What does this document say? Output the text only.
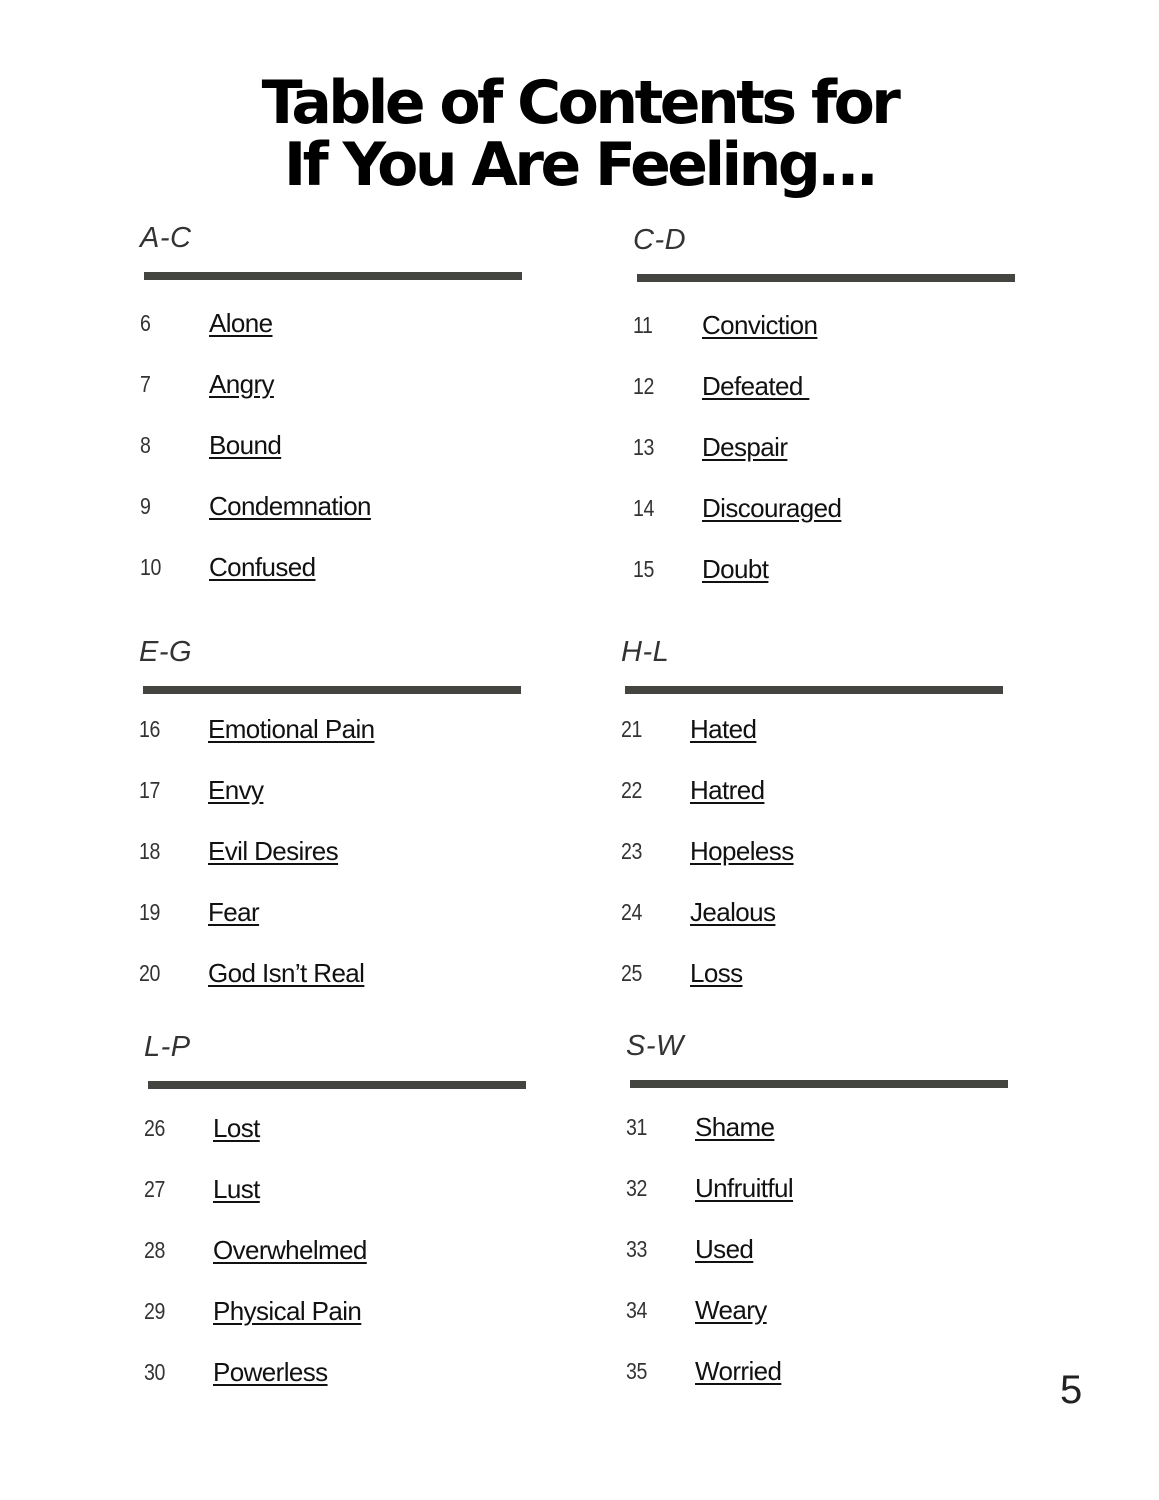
Table of Contents for
If You Are Feeling...
A-C
6 Alone
7 Angry
8 Bound
9 Condemnation
10 Confused
C-D
11 Conviction
12 Defeated
13 Despair
14 Discouraged
15 Doubt
E-G
16 Emotional Pain
17 Envy
18 Evil Desires
19 Fear
20 God Isn’t Real
H-L
21 Hated
22 Hatred
23 Hopeless
24 Jealous
25 Loss
L-P
26 Lost
27 Lust
28 Overwhelmed
29 Physical Pain
30 Powerless
S-W
31 Shame
32 Unfruitful
33 Used
34 Weary
35 Worried	5
